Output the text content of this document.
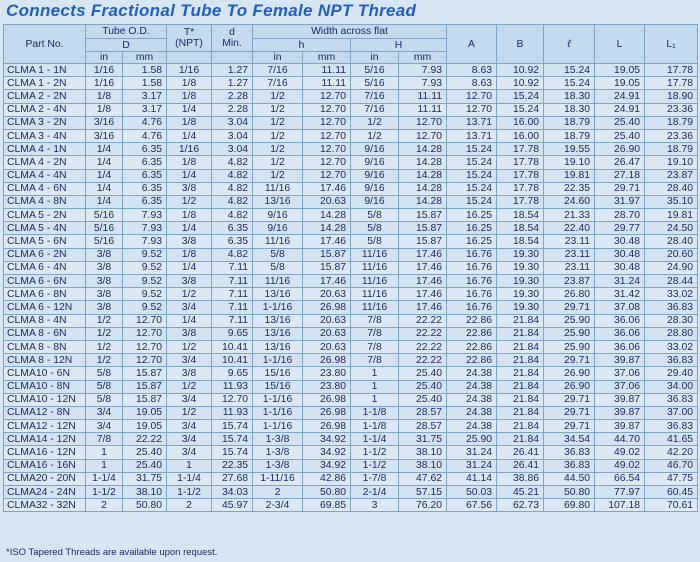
Connects Fractional Tube To Female NPT Thread
Part No.	Tube O.D.		T*
(NPT)	d
Min.	Width across flat				A	B	ℓ	L	L₁
	D				h		H						
	in	mm			in	mm	in	mm					
CLMA 1 - 1N	1/16	1.58	1/16	1.27	7/16	11.11	5/16	7.93	8.63	10.92	15.24	19.05	17.78
CLMA 1 - 2N	1/16	1.58	1/8	1.27	7/16	11.11	5/16	7.93	8.63	10.92	15.24	19.05	17.78
CLMA 2 - 2N	1/8	3.17	1/8	2.28	1/2	12.70	7/16	11.11	12.70	15.24	18.30	24.91	18.90
CLMA 2 - 4N	1/8	3.17	1/4	2.28	1/2	12.70	7/16	11.11	12.70	15.24	18.30	24.91	23.36
CLMA 3 - 2N	3/16	4.76	1/8	3.04	1/2	12.70	1/2	12.70	13.71	16.00	18.79	25.40	18.79
CLMA 3 - 4N	3/16	4.76	1/4	3.04	1/2	12.70	1/2	12.70	13.71	16.00	18.79	25.40	23.36
CLMA 4 - 1N	1/4	6.35	1/16	3.04	1/2	12.70	9/16	14.28	15.24	17.78	19.55	26.90	18.79
CLMA 4 - 2N	1/4	6.35	1/8	4.82	1/2	12.70	9/16	14.28	15.24	17.78	19.10	26.47	19.10
CLMA 4 - 4N	1/4	6.35	1/4	4.82	1/2	12.70	9/16	14.28	15.24	17.78	19.81	27.18	23.87
CLMA 4 - 6N	1/4	6.35	3/8	4.82	11/16	17.46	9/16	14.28	15.24	17.78	22.35	29.71	28.40
CLMA 4 - 8N	1/4	6.35	1/2	4.82	13/16	20.63	9/16	14.28	15.24	17.78	24.60	31.97	35.10
CLMA 5 - 2N	5/16	7.93	1/8	4.82	9/16	14.28	5/8	15.87	16.25	18.54	21.33	28.70	19.81
CLMA 5 - 4N	5/16	7.93	1/4	6.35	9/16	14.28	5/8	15.87	16.25	18.54	22.40	29.77	24.50
CLMA 5 - 6N	5/16	7.93	3/8	6.35	11/16	17.46	5/8	15.87	16.25	18.54	23.11	30.48	28.40
CLMA 6 - 2N	3/8	9.52	1/8	4.82	5/8	15.87	11/16	17.46	16.76	19.30	23.11	30.48	20.60
CLMA 6 - 4N	3/8	9.52	1/4	7.11	5/8	15.87	11/16	17.46	16.76	19.30	23.11	30.48	24.90
CLMA 6 - 6N	3/8	9.52	3/8	7.11	11/16	17.46	11/16	17.46	16.76	19.30	23.87	31.24	28.44
CLMA 6 - 8N	3/8	9.52	1/2	7.11	13/16	20.63	11/16	17.46	16.76	19.30	26.80	31.42	33.02
CLMA 6 - 12N	3/8	9.52	3/4	7.11	1-1/16	26.98	11/16	17.46	16.76	19.30	29.71	37.08	36.83
CLMA 8 - 4N	1/2	12.70	1/4	7.11	13/16	20.63	7/8	22.22	22.86	21.84	25.90	36.06	28.30
CLMA 8 - 6N	1/2	12.70	3/8	9.65	13/16	20.63	7/8	22.22	22.86	21.84	25.90	36.06	28.80
CLMA 8 - 8N	1/2	12.70	1/2	10.41	13/16	20.63	7/8	22.22	22.86	21.84	25.90	36.06	33.02
CLMA 8 - 12N	1/2	12.70	3/4	10.41	1-1/16	26.98	7/8	22.22	22.86	21.84	29.71	39.87	36.83
CLMA10 - 6N	5/8	15.87	3/8	9.65	15/16	23.80	1	25.40	24.38	21.84	26.90	37.06	29.40
CLMA10 - 8N	5/8	15.87	1/2	11.93	15/16	23.80	1	25.40	24.38	21.84	26.90	37.06	34.00
CLMA10 - 12N	5/8	15.87	3/4	12.70	1-1/16	26.98	1	25.40	24.38	21.84	29.71	39.87	36.83
CLMA12 - 8N	3/4	19.05	1/2	11.93	1-1/16	26.98	1-1/8	28.57	24.38	21.84	29.71	39.87	37.00
CLMA12 - 12N	3/4	19.05	3/4	15.74	1-1/16	26.98	1-1/8	28.57	24.38	21.84	29.71	39.87	36.83
CLMA14 - 12N	7/8	22.22	3/4	15.74	1-3/8	34.92	1-1/4	31.75	25.90	21.84	34.54	44.70	41.65
CLMA16 - 12N	1	25.40	3/4	15.74	1-3/8	34.92	1-1/2	38.10	31.24	26.41	36.83	49.02	42.20
CLMA16 - 16N	1	25.40	1	22.35	1-3/8	34.92	1-1/2	38.10	31.24	26.41	36.83	49.02	46.70
CLMA20 - 20N	1-1/4	31.75	1-1/4	27.68	1-11/16	42.86	1-7/8	47.62	41.14	38.86	44.50	66.54	47.75
CLMA24 - 24N	1-1/2	38.10	1-1/2	34.03	2	50.80	2-1/4	57.15	50.03	45.21	50.80	77.97	60.45
CLMA32 - 32N	2	50.80	2	45.97	2-3/4	69.85	3	76.20	67.56	62.73	69.80	107.18	70.61
*ISO Tapered Threads are available upon request.
